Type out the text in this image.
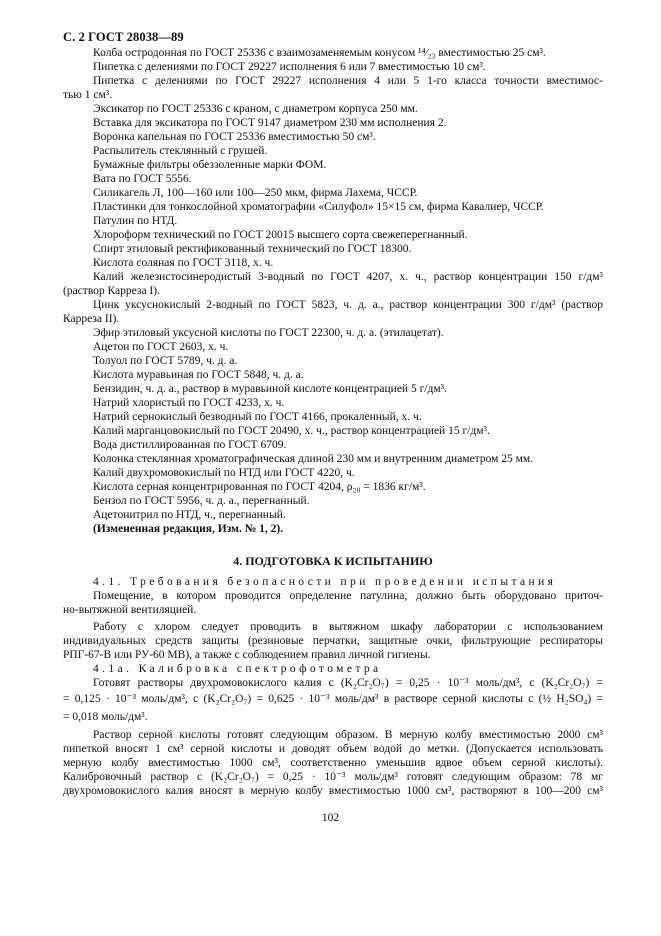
С. 2 ГОСТ 28038—89
Колба остродонная по ГОСТ 25336 с взаимозаменяемым конусом ¹⁴⁄₂₃ вместимостью 25 см³.
Пипетка с делениями по ГОСТ 29227 исполнения 6 или 7 вместимостью 10 см³.
Пипетка с делениями по ГОСТ 29227 исполнения 4 или 5 1-го класса точности вместимос-
тью 1 см³.
Эксикатор по ГОСТ 25336 с краном, с диаметром корпуса 250 мм.
Вставка для эксикатора по ГОСТ 9147 диаметром 230 мм исполнения 2.
Воронка капельная по ГОСТ 25336 вместимостью 50 см³.
Распылитель стеклянный с грушей.
Бумажные фильтры обеззоленные марки ФОМ.
Вата по ГОСТ 5556.
Силикагель Л, 100—160 или 100—250 мкм, фирма Лахема, ЧССР.
Пластинки для тонкослойной хроматографии «Силуфол» 15×15 см, фирма Кавалиер, ЧССР.
Патулин по НТД.
Хлороформ технический по ГОСТ 20015 высшего сорта свежеперегнанный.
Спирт этиловый ректификованный технический по ГОСТ 18300.
Кислота соляная по ГОСТ 3118, х. ч.
Калий железистосинеродистый 3-водный по ГОСТ 4207, х. ч., раствор концентрации 150 г/дм³
(раствор Карреза I).
Цинк уксуснокислый 2-водный по ГОСТ 5823, ч. д. а., раствор концентрации 300 г/дм³ (раствор
Карреза II).
Эфир этиловый уксусной кислоты по ГОСТ 22300, ч. д. а. (этилацетат).
Ацетон по ГОСТ 2603, х. ч.
Толуол по ГОСТ 5789, ч. д. а.
Кислота муравьиная по ГОСТ 5848, ч. д. а.
Бензидин, ч. д. а., раствор в муравьиной кислоте концентрацией 5 г/дм³.
Натрий хлористый по ГОСТ 4233, х. ч.
Натрий сернокислый безводный по ГОСТ 4166, прокаленный, х. ч.
Калий марганцовокислый по ГОСТ 20490, х. ч., раствор концентрацией 15 г/дм³.
Вода дистиллированная по ГОСТ 6709.
Колонка стеклянная хроматографическая длиной 230 мм и внутренним диаметром 25 мм.
Калий двухромовокислый по НТД или ГОСТ 4220, ч.
Кислота серная концентрированная по ГОСТ 4204, ρ₂₀ = 1836 кг/м³.
Бензол по ГОСТ 5956, ч. д. а., перегнанный.
Ацетонитрил по НТД, ч., перегнанный.
(Измененная редакция, Изм. № 1, 2).
4. ПОДГОТОВКА К ИСПЫТАНИЮ
4.1. Требования безопасности при проведении испытания
Помещение, в котором проводится определение патулина, должно быть оборудовано приточ-
но-вытяжной вентиляцией.
Работу с хлором следует проводить в вытяжном шкафу лаборатории с использованием
индивидуальных средств защиты (резиновые перчатки, защитные очки, фильтрующие респираторы
РПГ-67-В или РУ-60 МВ), а также с соблюдением правил личной гигиены.
4.1а. Калибровка спектрофотометра
Готовят растворы двухромовокислого калия c (K₂Cr₂O₇) = 0,25 · 10⁻³ моль/дм³, c (K₂Cr₂O₇) =
= 0,125 · 10⁻³ моль/дм³, c (K₂Cr₂O₇) = 0,625 · 10⁻³ моль/дм³ в растворе серной кислоты c (½ H₂SO₄) =
= 0,018 моль/дм³.
Раствор серной кислоты готовят следующим образом. В мерную колбу вместимостью 2000 см³
пипеткой вносят 1 см³ серной кислоты и доводят объем водой до метки. (Допускается использовать
мерную колбу вместимостью 1000 см³, соответственно уменьшив вдвое объем серной кислоты).
Калибровочный раствор c (K₂Cr₂O₇) = 0,25 · 10⁻³ моль/дм³ готовят следующим образом: 78 мг
двухромовокислого калия вносят в мерную колбу вместимостью 1000 см³, растворяют в 100—200 см³
102
